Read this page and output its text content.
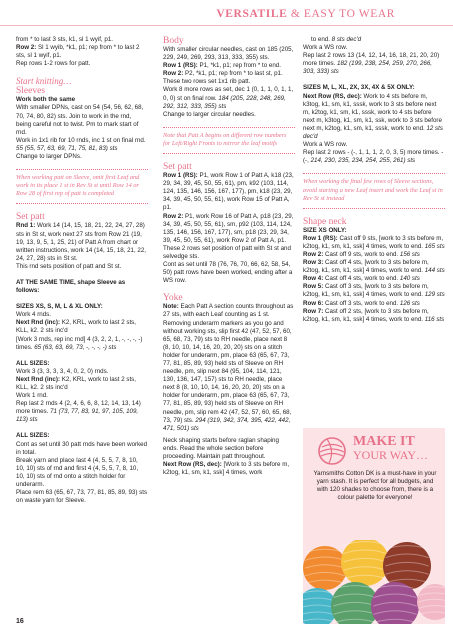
VERSATILE & EASY TO WEAR

from * to last 3 sts, k1, sl 1 wyif, p1.

Row 2: Sl 1 wyib, *k1, p1; rep from * to last 2 sts, sl 1 wyif, p1.

Rep rows 1-2 rows for patt.

Start knitting…

Sleeves

Work both the same

With smaller DPNs, cast on 54 (54, 56, 62, 68, 70, 74, 80, 82) sts. Join to work in the rnd, being careful not to twist. Pm to mark start of rnd.

Work in 1x1 rib for 10 rnds, inc 1 st on final rnd. 55 (55, 57, 63, 69, 71, 75, 81, 83) sts

Change to larger DPNs.

When working patt on Sleeve, omit first Leaf and work in its place 1 st in Rev St st until Row 14 or Row 28 of first rep of patt is completed

Set patt

Rnd 1: Work 14 (14, 15, 18, 21, 22, 24, 27, 28) sts in St st, work next 27 sts from Row 21 (19, 19, 13, 9, 5, 1, 25, 21) of Patt A from chart or written instructions, work 14 (14, 15, 18, 21, 22, 24, 27, 28) sts in St st.

This rnd sets position of patt and St st.

AT THE SAME TIME, shape Sleeve as follows:

SIZES XS, S, M, L & XL ONLY:

Work 4 rnds.

Next Rnd (inc): K2, KRL, work to last 2 sts, KLL, k2. 2 sts inc'd

[Work 3 rnds, rep inc rnd] 4 (3, 2, 2, 1, -, -, -, -) times. 65 (63, 63, 69, 73, -, -, -, -) sts

ALL SIZES:

Work 3 (3, 3, 3, 3, 4, 0, 2, 0) rnds.

Next Rnd (inc): K2, KRL, work to last 2 sts, KLL, k2. 2 sts inc'd

Work 1 rnd.

Rep last 2 rnds 4 (2, 4, 6, 6, 8, 12, 14, 13, 14) more times. 71 (73, 77, 83, 91, 97, 105, 109, 113) sts

ALL SIZES:

Cont as set until 30 patt rnds have been worked in total.

Break yarn and place last 4 (4, 5, 5, 7, 8, 10, 10, 10) sts of rnd and first 4 (4, 5, 5, 7, 8, 10, 10, 10) sts of rnd onto a stitch holder for underarm.

Place rem 63 (65, 67, 73, 77, 81, 85, 89, 93) sts on waste yarn for Sleeve.

Body

With smaller circular needles, cast on 185 (205, 229, 249, 269, 293, 313, 333, 355) sts.

Row 1 (RS): P1, *k1, p1; rep from * to end.

Row 2: P2, *k1, p1; rep from * to last st, p1.

These two rows set 1x1 rib patt.

Work 8 more rows as set, dec 1 (0, 1, 1, 0, 1, 1, 0, 0) st on final row. 184 (205, 228, 248, 269, 292, 312, 333, 355) sts

Change to larger circular needles.

Note that Patt A begins on different row numbers for Left/Right Fronts to mirror the leaf motifs

Set patt

Row 1 (RS): P1, work Row 1 of Patt A, k18 (23, 29, 34, 39, 45, 50, 55, 61), pm, k92 (103, 114, 124, 135, 146, 156, 167, 177), pm, k18 (23, 29, 34, 39, 45, 50, 55, 61), work Row 15 of Patt A, p1.

Row 2: P1, work Row 16 of Patt A, p18 (23, 29, 34, 39, 45, 50, 55, 61), sm, p92 (103, 114, 124, 135, 146, 156, 167, 177), sm, p18 (23, 29, 34, 39, 45, 50, 55, 61), work Row 2 of Patt A, p1.

These 2 rows set position of patt with St st and selvedge sts.

Cont as set until 78 (76, 76, 70, 66, 62, 58, 54, 50) patt rows have been worked, ending after a WS row.

Yoke

Note: Each Patt A section counts throughout as 27 sts, with each Leaf counting as 1 st.

Removing underarm markers as you go and without working sts, slip first 42 (47, 52, 57, 60, 65, 68, 73, 79) sts to RH needle, place next 8 (8, 10, 10, 14, 16, 20, 20, 20) sts on a stitch holder for underarm, pm, place 63 (65, 67, 73, 77, 81, 85, 89, 93) held sts of Sleeve on RH needle, pm, slip next 84 (95, 104, 114, 121, 130, 136, 147, 157) sts to RH needle, place next 8 (8, 10, 10, 14, 16, 20, 20, 20) sts on a holder for underarm, pm, place 63 (65, 67, 73, 77, 81, 85, 89, 93) held sts of Sleeve on RH needle, pm, slip rem 42 (47, 52, 57, 60, 65, 68, 73, 79) sts. 294 (319, 342, 374, 395, 422, 442, 471, 501) sts

Neck shaping starts before raglan shaping ends. Read the whole section before proceeding. Maintain patt throughout.

Next Row (RS, dec): [Work to 3 sts before m, k2tog, k1, sm, k1, ssk] 4 times, work

to end. 8 sts dec'd

Work a WS row.

Rep last 2 rows 13 (14, 12, 14, 16, 18, 21, 20, 20) more times. 182 (199, 238, 254, 259, 270, 266, 303, 333) sts

SIZES M, L, XL, 2X, 3X, 4X & 5X ONLY:

Next Row (RS, dec): Work to 4 sts before m, k3tog, k1, sm, k1, sssk, work to 3 sts before next m, k2tog, k1, sm, k1, sssk, work to 4 sts before next m, k3tog, k1, sm, k1, ssk, work to 3 sts before next m, k2tog, k1, sm, k1, sssk, work to end. 12 sts dec'd

Work a WS row.

Rep last 2 rows - (-, 1, 1, 1, 2, 0, 3, 5) more times. - (-, 214, 230, 235, 234, 254, 255, 261) sts

When working the final few rows of Sleeve sections, avoid starting a new Leaf insert and work the Leaf st in Rev St st instead

Shape neck

SIZE XS ONLY:

Row 1 (RS): Cast off 9 sts, [work to 3 sts before m, k2tog, k1, sm, k1, ssk] 4 times, work to end. 165 sts

Row 2: Cast off 9 sts, work to end. 156 sts

Row 3: Cast off 4 sts, [work to 3 sts before m, k2tog, k1, sm, k1, ssk] 4 times, work to end. 144 sts

Row 4: Cast off 4 sts, work to end. 140 sts

Row 5: Cast off 3 sts, [work to 3 sts before m, k2tog, k1, sm, k1, ssk] 4 times, work to end. 129 sts

Row 6: Cast off 3 sts, work to end. 126 sts

Row 7: Cast off 2 sts, [work to 3 sts before m, k2tog, k1, sm, k1, ssk] 4 times, work to end. 116 sts

MAKE IT
YOUR WAY…
Yarnsmiths Cotton DK is a must-have in your yarn stash. It is perfect for all budgets, and with 120 shades to choose from, there is a colour palette for everyone!
16
